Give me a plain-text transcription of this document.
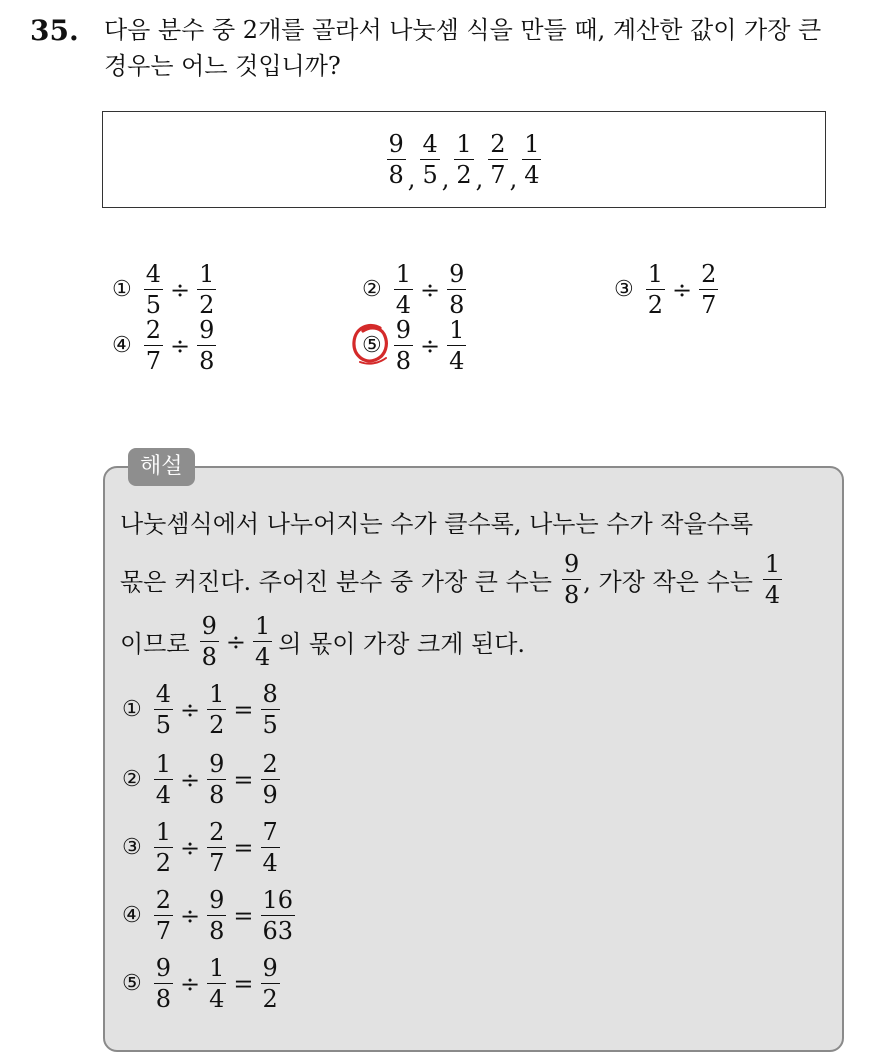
35. 다음 분수 중 2개를 골라서 나눗셈 식을 만들 때, 계산한 값이 가장 큰
경우는 어느 것입니까?
$\frac{9}{8}$ , $\frac{4}{5}$ , $\frac{1}{2}$ , $\frac{2}{7}$ , $\frac{1}{4}$
① $\frac{4}{5} \div \frac{1}{2}$	② $\frac{1}{4} \div \frac{9}{8}$	③ $\frac{1}{2} \div \frac{2}{7}$
④ $\frac{2}{7} \div \frac{9}{8}$	⑤ $\frac{9}{8} \div \frac{1}{4}$
해설
나눗셈식에서 나누어지는 수가 클수록, 나누는 수가 작을수록
몫은 커진다. 주어진 분수 중 가장 큰 수는 $\frac{9}{8}$ , 가장 작은 수는 $\frac{1}{4}$
이므로 $\frac{9}{8} \div \frac{1}{4}$ 의 몫이 가장 크게 된다.
① $\frac{4}{5} \div \frac{1}{2} = \frac{8}{5}$
② $\frac{1}{4} \div \frac{9}{8} = \frac{2}{9}$
③ $\frac{1}{2} \div \frac{2}{7} = \frac{7}{4}$
④ $\frac{2}{7} \div \frac{9}{8} = \frac{16}{63}$
⑤ $\frac{9}{8} \div \frac{1}{4} = \frac{9}{2}$
